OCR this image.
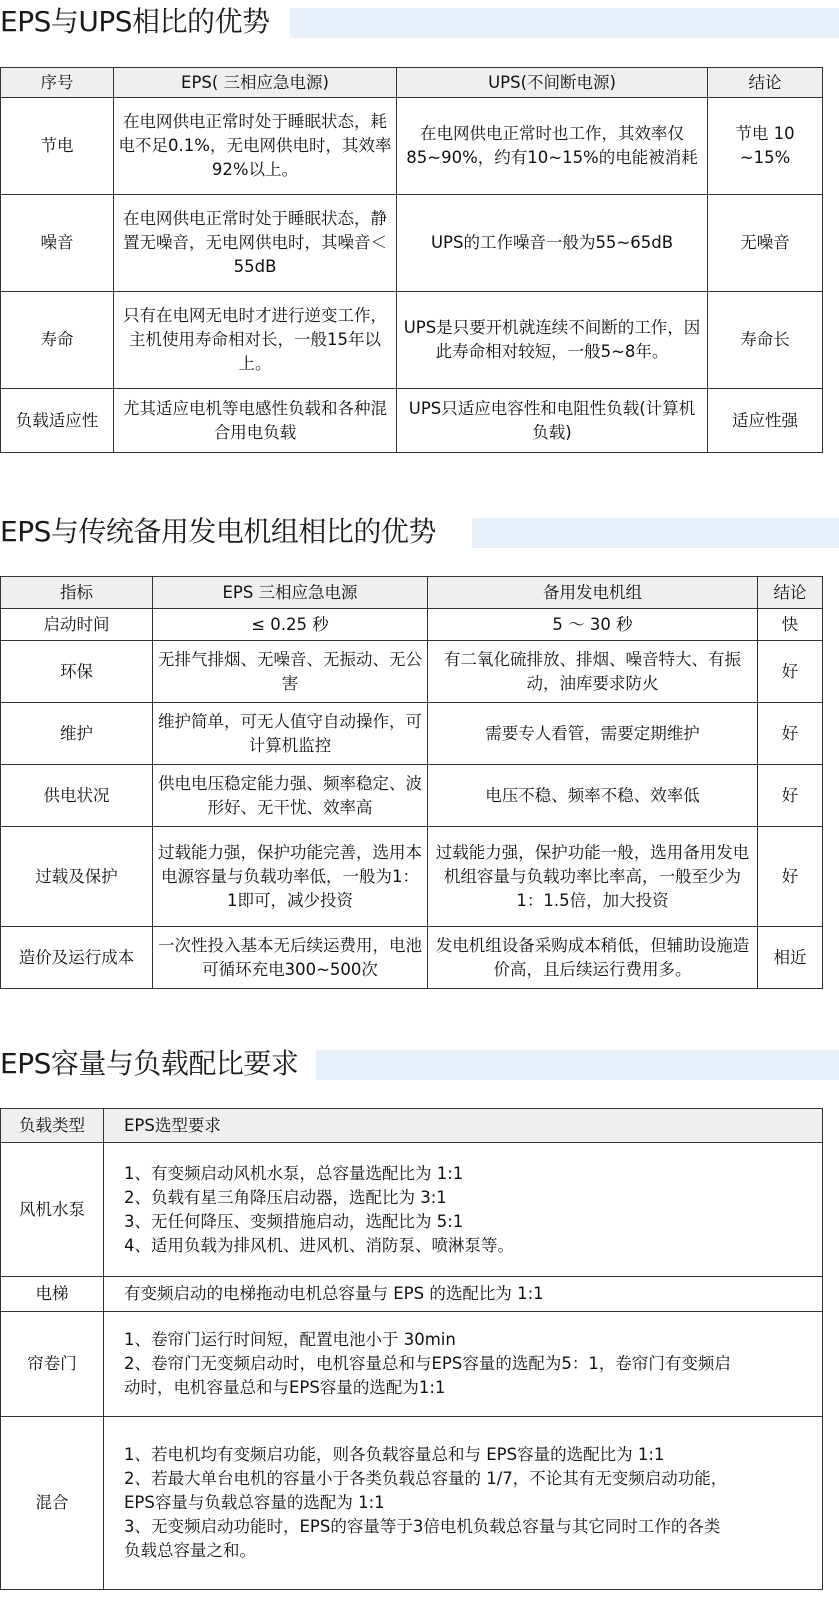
EPS与UPS相比的优势
序号	EPS( 三相应急电源)	UPS(不间断电源)	结论
节电	在电网供电正常时处于睡眠状态，耗电不足0.1%，无电网供电时，其效率92%以上。	在电网供电正常时也工作，其效率仅85~90%，约有10~15%的电能被消耗	节电 10　~15%
噪音	在电网供电正常时处于睡眠状态，静置无噪音，无电网供电时，其噪音＜55dB	UPS的工作噪音一般为55~65dB	无噪音
寿命	只有在电网无电时才进行逆变工作，主机使用寿命相对长，一般15年以上。	UPS是只要开机就连续不间断的工作，因此寿命相对较短，一般5~8年。	寿命长
负载适应性	尤其适应电机等电感性负载和各种混合用电负载	UPS只适应电容性和电阻性负载(计算机负载)	适应性强
EPS与传统备用发电机组相比的优势
指标	EPS 三相应急电源	备用发电机组	结论
启动时间	≤ 0.25 秒	5 ～ 30 秒	快
环保	无排气排烟、无噪音、无振动、无公害	有二氧化硫排放、排烟、噪音特大、有振动，油库要求防火	好
维护	维护简单，可无人值守自动操作，可计算机监控	需要专人看管，需要定期维护	好
供电状况	供电电压稳定能力强、频率稳定、波形好、无干忧、效率高	电压不稳、频率不稳、效率低	好
过载及保护	过载能力强，保护功能完善，选用本电源容量与负载功率低，一般为1：1即可，减少投资	过载能力强，保护功能一般，选用备用发电机组容量与负载功率比率高，一般至少为1：1.5倍，加大投资	好
造价及运行成本	一次性投入基本无后续运费用，电池可循环充电300~500次	发电机组设备采购成本稍低，但辅助设施造价高，且后续运行费用多。	相近
EPS容量与负载配比要求
负载类型	EPS选型要求
风机水泵	1、有变频启动风机水泵，总容量选配比为 1:1
2、负载有星三角降压启动器，选配比为 3:1
3、无任何降压、变频措施启动，选配比为 5:1
4、适用负载为排风机、进风机、消防泵、喷淋泵等。

电梯	有变频启动的电梯拖动电机总容量与 EPS 的选配比为 1:1

帘卷门	1、卷帘门运行时间短，配置电池小于 30min
2、卷帘门无变频启动时，电机容量总和与EPS容量的选配为5：1，卷帘门有变频启
动时，电机容量总和与EPS容量的选配为1:1

混合	1、若电机均有变频启功能，则各负载容量总和与 EPS容量的选配比为 1:1
2、若最大单台电机的容量小于各类负载总容量的 1/7，不论其有无变频启动功能，
EPS容量与负载总容量的选配为 1:1
3、无变频启动功能时，EPS的容量等于3倍电机负载总容量与其它同时工作的各类
负载总容量之和。
